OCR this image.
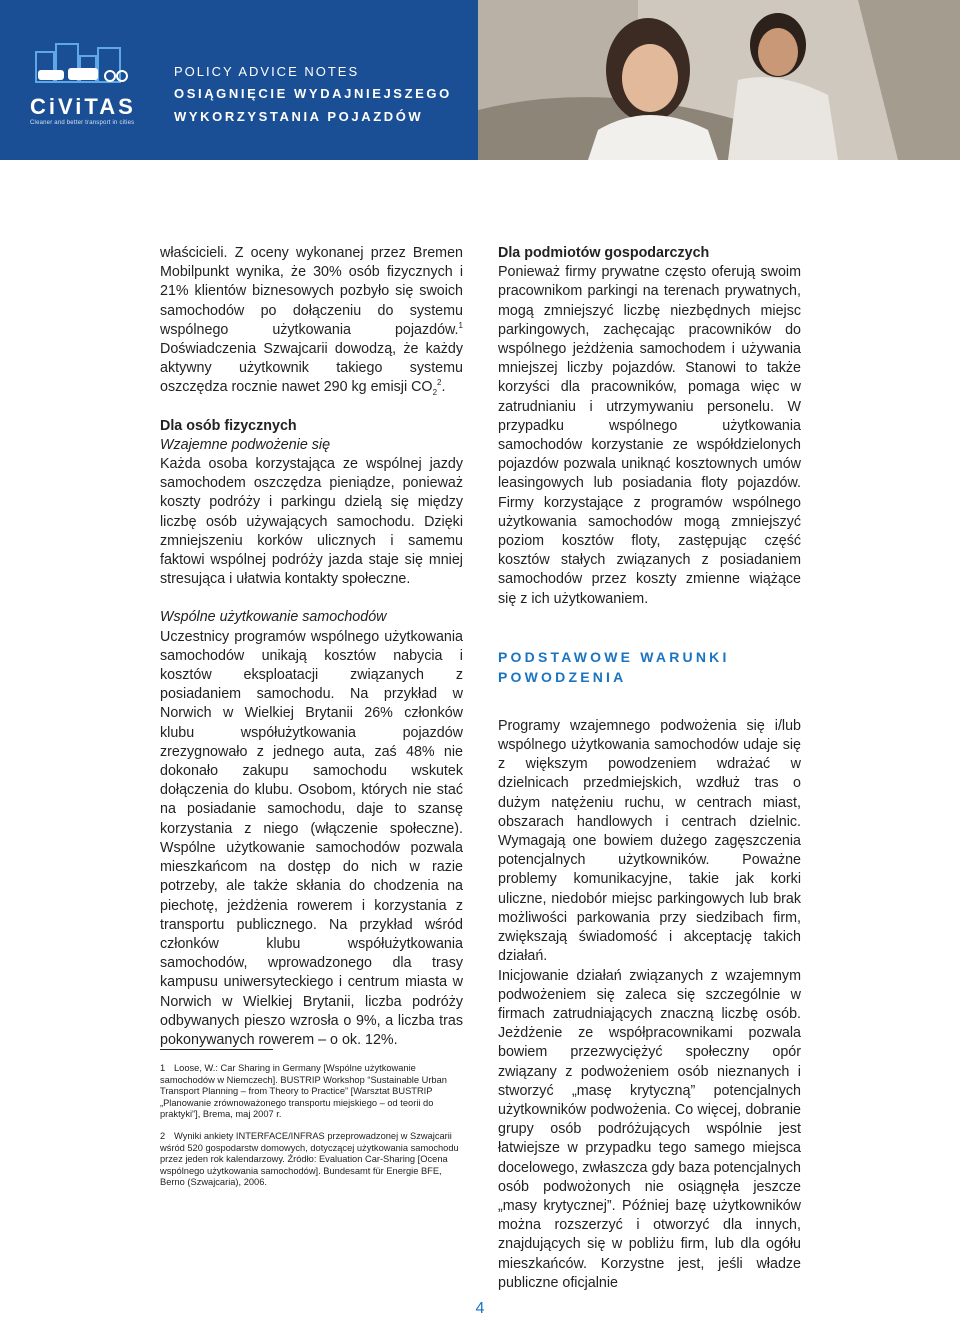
CiViTAS
Cleaner and better transport in cities
POLICY ADVICE NOTES
OSIĄGNIĘCIE WYDAJNIEJSZEGO
WYKORZYSTANIA POJAZDÓW

właścicieli. Z oceny wykonanej przez Bremen Mobilpunkt wynika, że 30% osób fizycznych i 21% klientów biznesowych pozbyło się swoich samochodów po dołączeniu do systemu wspólnego użytkowania pojazdów.$^1$ Doświadczenia Szwajcarii dowodzą, że każdy aktywny użytkownik takiego systemu oszczędza rocznie nawet 290 kg emisji $CO_2^2$.

Dla osób fizycznych

Wzajemne podwożenie się

Każda osoba korzystająca ze wspólnej jazdy samochodem oszczędza pieniądze, ponieważ koszty podróży i parkingu dzielą się między liczbę osób używających samochodu. Dzięki zmniejszeniu korków ulicznych i samemu faktowi wspólnej podróży jazda staje się mniej stresująca i ułatwia kontakty społeczne.

Wspólne użytkowanie samochodów

Uczestnicy programów wspólnego użytkowania samochodów unikają kosztów nabycia i kosztów eksploatacji związanych z posiadaniem samochodu. Na przykład w Norwich w Wielkiej Brytanii 26% członków klubu współużytkowania pojazdów zrezygnowało z jednego auta, zaś 48% nie dokonało zakupu samochodu wskutek dołączenia do klubu. Osobom, których nie stać na posiadanie samochodu, daje to szansę korzystania z niego (włączenie społeczne). Wspólne użytkowanie samochodów pozwala mieszkańcom na dostęp do nich w razie potrzeby, ale także skłania do chodzenia na piechotę, jeżdżenia rowerem i korzystania z transportu publicznego. Na przykład wśród członków klubu współużytkowania samochodów, wprowadzonego dla trasy kampusu uniwersyteckiego i centrum miasta w Norwich w Wielkiej Brytanii, liczba podróży odbywanych pieszo wzrosła o 9%, a liczba tras pokonywanych rowerem – o ok. 12%.

1 Loose, W.: Car Sharing in Germany [Wspólne użytkowanie samochodów w Niemczech]. BUSTRIP Workshop “Sustainable Urban Transport Planning – from Theory to Practice” [Warsztat BUSTRIP „Planowanie zrównoważonego transportu miejskiego – od teorii do praktyki”], Brema, maj 2007 r.

2 Wyniki ankiety INTERFACE/INFRAS przeprowadzonej w Szwajcarii wśród 520 gospodarstw domowych, dotyczącej użytkowania samochodu przez jeden rok kalendarzowy. Źródło: Evaluation Car-Sharing [Ocena wspólnego użytkowania samochodów]. Bundesamt für Energie BFE, Berno (Szwajcaria), 2006.

Dla podmiotów gospodarczych

Ponieważ firmy prywatne często oferują swoim pracownikom parkingi na terenach prywatnych, mogą zmniejszyć liczbę niezbędnych miejsc parkingowych, zachęcając pracowników do wspólnego jeżdżenia samochodem i używania mniejszej liczby pojazdów. Stanowi to także korzyści dla pracowników, pomaga więc w zatrudnianiu i utrzymywaniu personelu. W przypadku wspólnego użytkowania samochodów korzystanie ze współdzielonych pojazdów pozwala uniknąć kosztownych umów leasingowych lub posiadania floty pojazdów. Firmy korzystające z programów wspólnego użytkowania samochodów mogą zmniejszyć poziom kosztów floty, zastępując część kosztów stałych związanych z posiadaniem samochodów przez koszty zmienne wiążące się z ich użytkowaniem.

PODSTAWOWE WARUNKI
POWODZENIA

Programy wzajemnego podwożenia się i/lub wspólnego użytkowania samochodów udaje się z większym powodzeniem wdrażać w dzielnicach przedmiejskich, wzdłuż tras o dużym natężeniu ruchu, w centrach miast, obszarach handlowych i centrach dzielnic. Wymagają one bowiem dużego zagęszczenia potencjalnych użytkowników. Poważne problemy komunikacyjne, takie jak korki uliczne, niedobór miejsc parkingowych lub brak możliwości parkowania przy siedzibach firm, zwiększają świadomość i akceptację takich działań.

Inicjowanie działań związanych z wzajemnym podwożeniem się zaleca się szczególnie w firmach zatrudniających znaczną liczbę osób. Jeżdżenie ze współpracownikami pozwala bowiem przezwyciężyć społeczny opór związany z podwożeniem osób nieznanych i stworzyć „masę krytyczną” potencjalnych użytkowników podwożenia. Co więcej, dobranie grupy osób podróżujących wspólnie jest łatwiejsze w przypadku tego samego miejsca docelowego, zwłaszcza gdy baza potencjalnych osób podwożonych nie osiągnęła jeszcze „masy krytycznej”. Później bazę użytkowników można rozszerzyć i otworzyć dla innych, znajdujących się w pobliżu firm, lub dla ogółu mieszkańców. Korzystne jest, jeśli władze publiczne oficjalnie

4
